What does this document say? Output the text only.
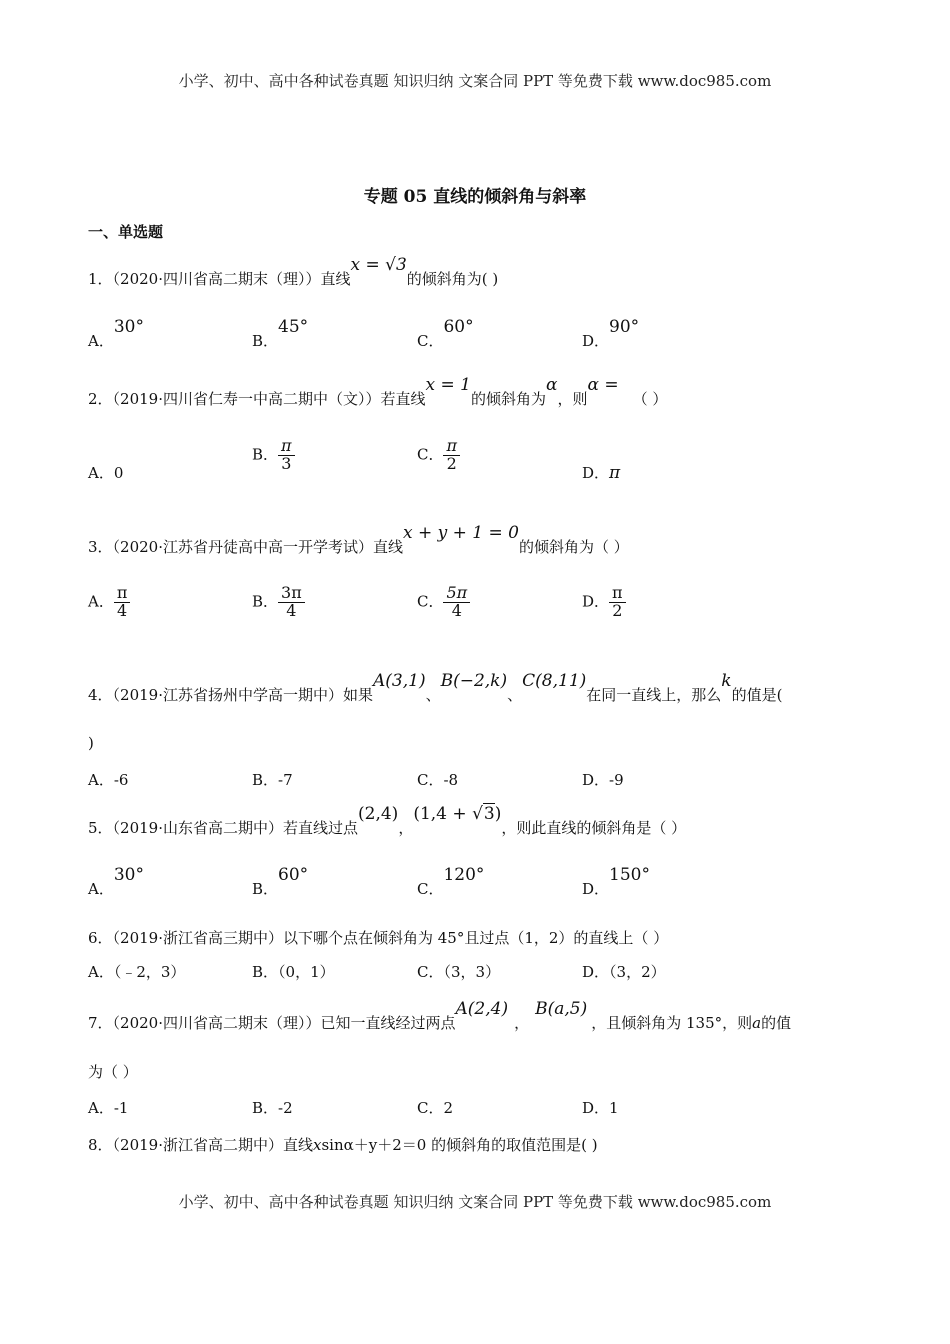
小学、初中、高中各种试卷真题 知识归纳 文案合同 PPT 等免费下载 www.doc985.com
专题 05 直线的倾斜角与斜率
一、单选题
1．（2020·四川省高二期末（理））直线x = √3的倾斜角为( )
A．30°
B．45°
C．60°
D．90°
2．（2019·四川省仁寿一中高二期中（文））若直线x = 1的倾斜角为α，则α =（ ）
A．0
B． $\frac{\pi}{3}$	C． $\frac{\pi}{2}$
D．π
3．（2020·江苏省丹徒高中高一开学考试）直线x + y + 1 = 0的倾斜角为（ ）
A． $\frac{\pi}{4}$	B． $\frac{3\pi}{4}$	C． $\frac{5\pi}{4}$	D． $\frac{\pi}{2}$
4．（2019·江苏省扬州中学高一期中）如果A(3,1)、B(−2,k)、C(8,11)在同一直线上，那么k的值是(
)
A．-6	B．-7	C．-8	D．-9
5．（2019·山东省高二期中）若直线过点(2,4)，(1,4 + √3)，则此直线的倾斜角是（ ）
A．30°
B．60°
C．120°
D．150°
6．（2019·浙江省高三期中）以下哪个点在倾斜角为 45°且过点（1，2）的直线上（ ）
A．（﹣2，3）	B．（0，1）	C．（3，3）	D．（3，2）
7．（2020·四川省高二期末（理））已知一直线经过两点A(2,4)，B(a,5)，且倾斜角为 135°，则a的值
为（ ）
A．-1	B．-2	C．2	D．1
8．（2019·浙江省高二期中）直线xsinα＋y＋2＝0 的倾斜角的取值范围是( )
小学、初中、高中各种试卷真题 知识归纳 文案合同 PPT 等免费下载 www.doc985.com
